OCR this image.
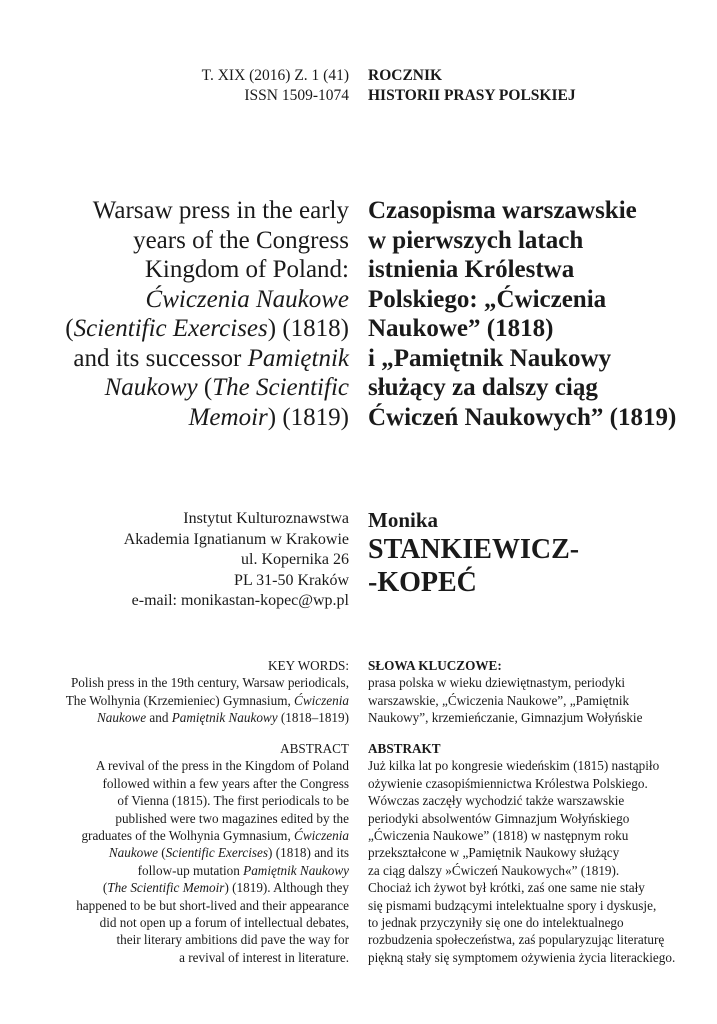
T. XIX (2016) Z. 1 (41)
ISSN 1509-1074
ROCZNIK
HISTORII PRASY POLSKIEJ
Warsaw press in the early
years of the Congress
Kingdom of Poland:
Ćwiczenia Naukowe
(Scientific Exercises) (1818)
and its successor Pamiętnik
Naukowy (The Scientific
Memoir) (1819)
Czasopisma warszawskie
w pierwszych latach
istnienia Królestwa
Polskiego: „Ćwiczenia
Naukowe” (1818)
i „Pamiętnik Naukowy
służący za dalszy ciąg
Ćwiczeń Naukowych” (1819)
Instytut Kulturoznawstwa
Akademia Ignatianum w Krakowie
ul. Kopernika 26
PL 31-50 Kraków
e-mail: monikastan-kopec@wp.pl
Monika
STANKIEWICZ-
-KOPEĆ
KEY WORDS:
Polish press in the 19th century, Warsaw periodicals,
The Wolhynia (Krzemieniec) Gymnasium, Ćwiczenia
Naukowe and Pamiętnik Naukowy (1818–1819)
SŁOWA KLUCZOWE:
prasa polska w wieku dziewiętnastym, periodyki
warszawskie, „Ćwiczenia Naukowe”, „Pamiętnik
Naukowy”, krzemieńczanie, Gimnazjum Wołyńskie
ABSTRACT
A revival of the press in the Kingdom of Poland
followed within a few years after the Congress
of Vienna (1815). The first periodicals to be
published were two magazines edited by the
graduates of the Wolhynia Gymnasium, Ćwiczenia
Naukowe (Scientific Exercises) (1818) and its
follow-up mutation Pamiętnik Naukowy
(The Scientific Memoir) (1819). Although they
happened to be but short-lived and their appearance
did not open up a forum of intellectual debates,
their literary ambitions did pave the way for
a revival of interest in literature.
ABSTRAKT
Już kilka lat po kongresie wiedeńskim (1815) nastąpiło
ożywienie czasopiśmiennictwa Królestwa Polskiego.
Wówczas zaczęły wychodzić także warszawskie
periodyki absolwentów Gimnazjum Wołyńskiego
„Ćwiczenia Naukowe” (1818) w następnym roku
przekształcone w „Pamiętnik Naukowy służący
za ciąg dalszy »Ćwiczeń Naukowych«” (1819).
Chociaż ich żywot był krótki, zaś one same nie stały
się pismami budzącymi intelektualne spory i dyskusje,
to jednak przyczyniły się one do intelektualnego
rozbudzenia społeczeństwa, zaś popularyzując literaturę
piękną stały się symptomem ożywienia życia literackiego.
